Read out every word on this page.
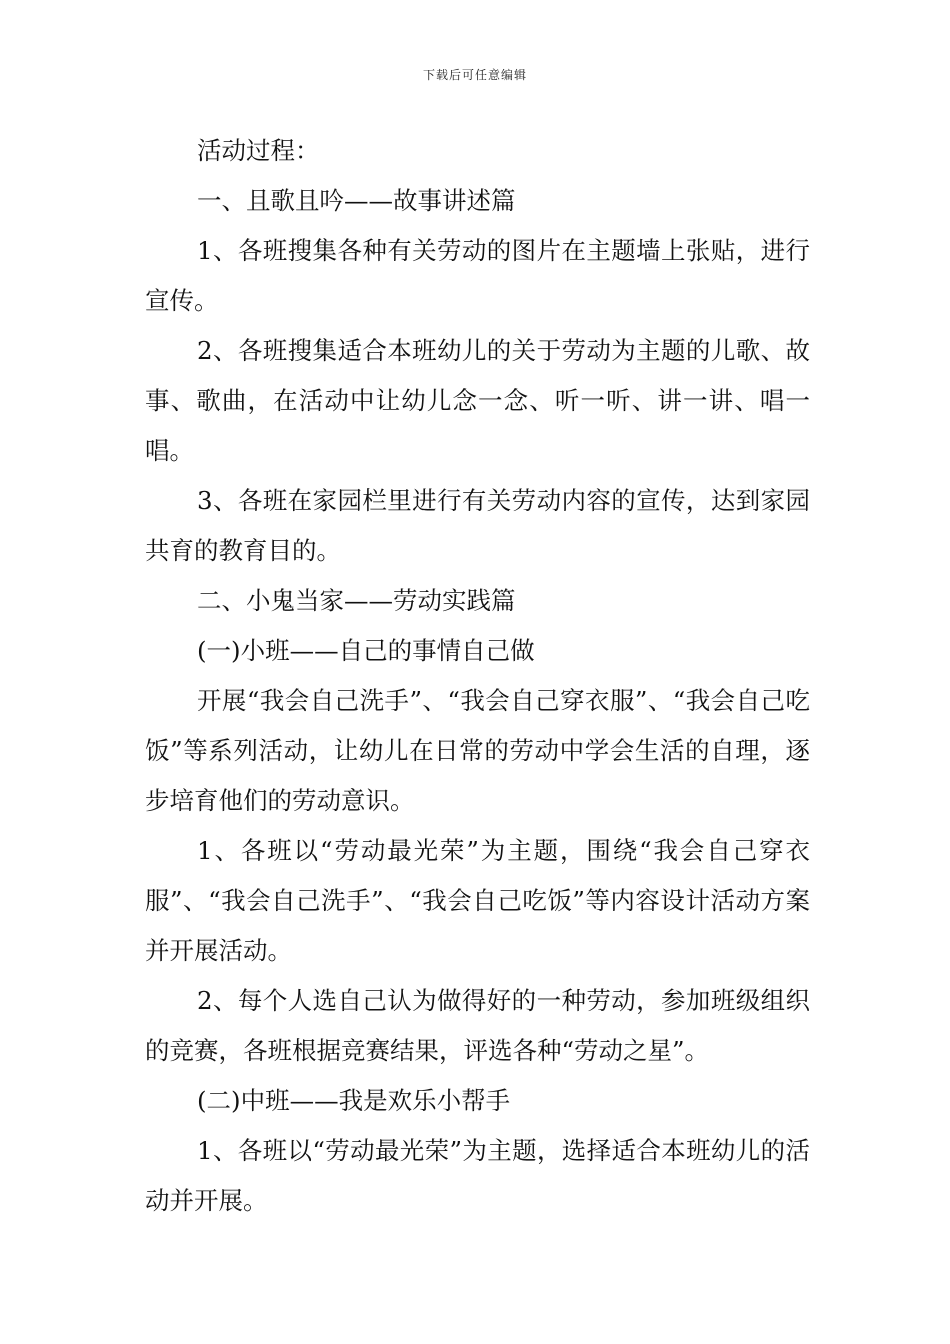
下载后可任意编辑

活动过程：

一、且歌且吟——故事讲述篇

1、各班搜集各种有关劳动的图片在主题墙上张贴，进行宣传。

2、各班搜集适合本班幼儿的关于劳动为主题的儿歌、故事、歌曲，在活动中让幼儿念一念、听一听、讲一讲、唱一唱。

3、各班在家园栏里进行有关劳动内容的宣传，达到家园共育的教育目的。

二、小鬼当家——劳动实践篇

(一)小班——自己的事情自己做

开展“我会自己洗手”、“我会自己穿衣服”、“我会自己吃饭”等系列活动，让幼儿在日常的劳动中学会生活的自理，逐步培育他们的劳动意识。

1、各班以“劳动最光荣”为主题，围绕“我会自己穿衣服”、“我会自己洗手”、“我会自己吃饭”等内容设计活动方案并开展活动。

2、每个人选自己认为做得好的一种劳动，参加班级组织的竞赛，各班根据竞赛结果，评选各种“劳动之星”。

(二)中班——我是欢乐小帮手

1、各班以“劳动最光荣”为主题，选择适合本班幼儿的活动并开展。
